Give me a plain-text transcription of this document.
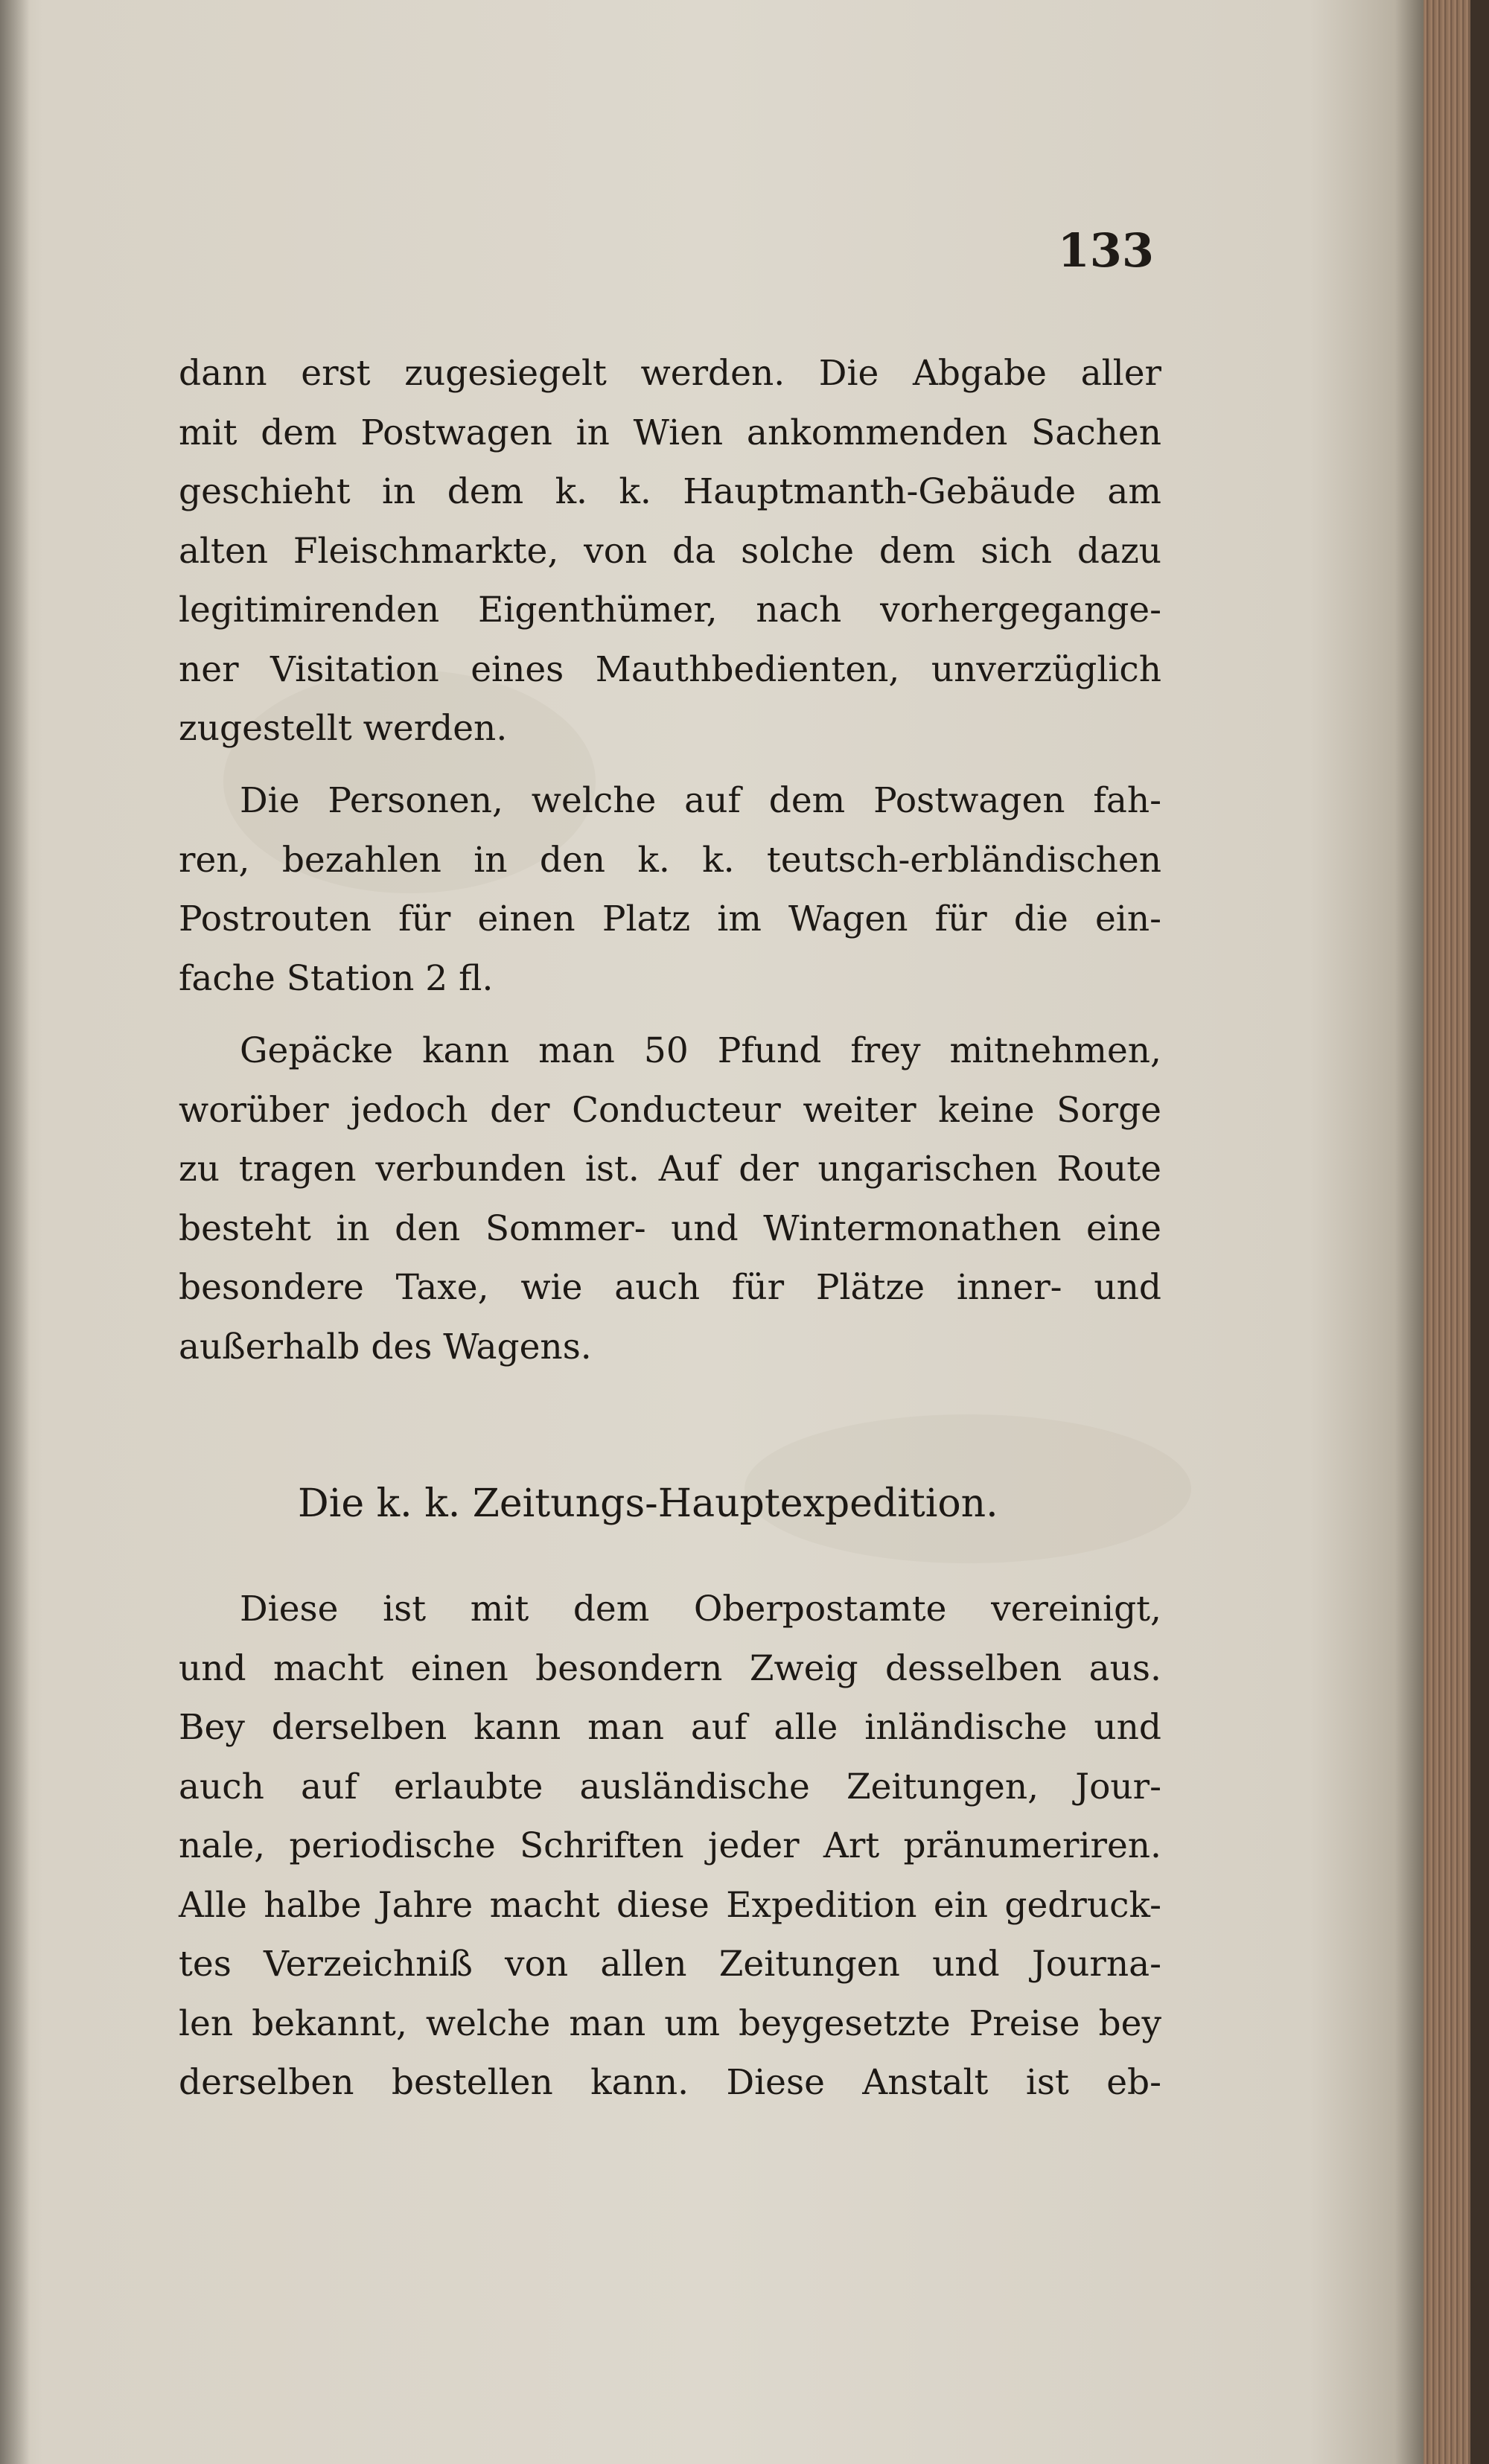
133
dann erst zugesiegelt werden. Die Abgabe aller
mit dem Postwagen in Wien ankommenden Sachen
geschieht in dem k. k. Hauptmanth-Gebäude am
alten Fleischmarkte, von da solche dem sich dazu
legitimirenden Eigenthümer, nach vorhergegange-
ner Visitation eines Mauthbedienten, unverzüglich
zugestellt werden.
Die Personen, welche auf dem Postwagen fah-
ren, bezahlen in den k. k. teutsch-erbländischen
Postrouten für einen Platz im Wagen für die ein-
fache Station 2 fl.
Gepäcke kann man 50 Pfund frey mitnehmen,
worüber jedoch der Conducteur weiter keine Sorge
zu tragen verbunden ist. Auf der ungarischen Route
besteht in den Sommer- und Wintermonathen eine
besondere Taxe, wie auch für Plätze inner- und
außerhalb des Wagens.
Die k. k. Zeitungs-Hauptexpedition.
Diese ist mit dem Oberpostamte vereinigt,
und macht einen besondern Zweig desselben aus.
Bey derselben kann man auf alle inländische und
auch auf erlaubte ausländische Zeitungen, Jour-
nale, periodische Schriften jeder Art pränumeriren.
Alle halbe Jahre macht diese Expedition ein gedruck-
tes Verzeichniß von allen Zeitungen und Journa-
len bekannt, welche man um beygesetzte Preise bey
derselben bestellen kann. Diese Anstalt ist eb-
